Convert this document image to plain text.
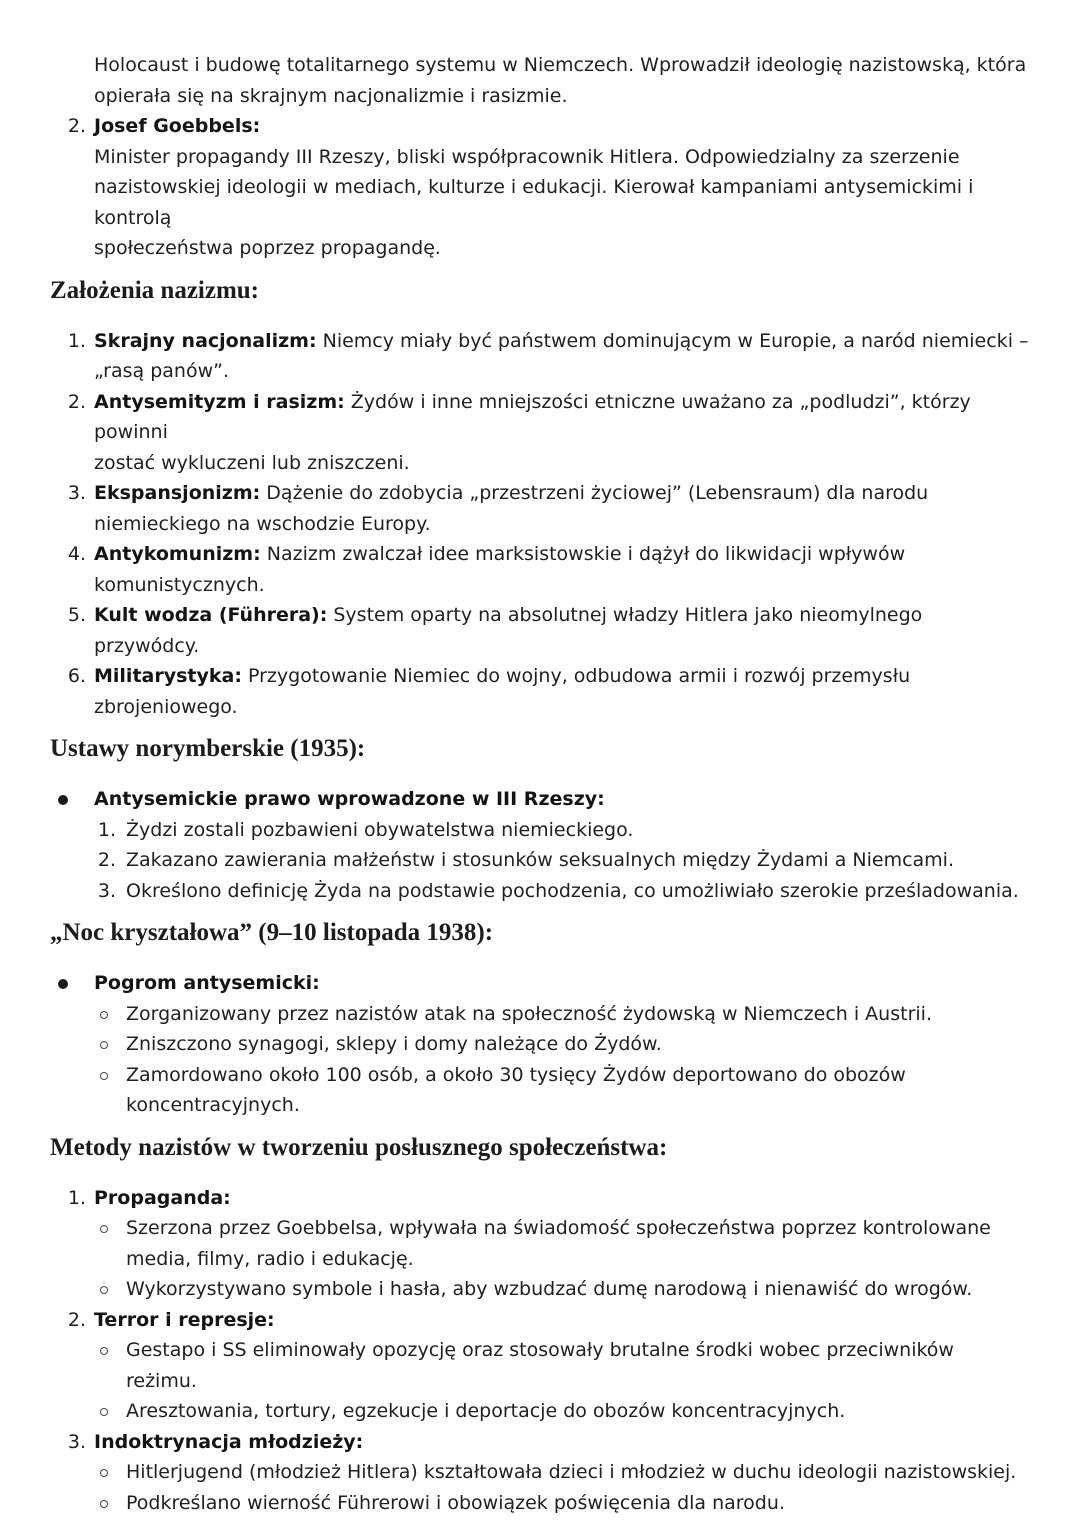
Holocaust i budowę totalitarnego systemu w Niemczech. Wprowadził ideologię nazistowską, która
opierała się na skrajnym nacjonalizmie i rasizmie.
2. Josef Goebbels:
Minister propagandy III Rzeszy, bliski współpracownik Hitlera. Odpowiedzialny za szerzenie
nazistowskiej ideologii w mediach, kulturze i edukacji. Kierował kampaniami antysemickimi i kontrolą
społeczeństwa poprzez propagandę.
Założenia nazizmu:
1. Skrajny nacjonalizm: Niemcy miały być państwem dominującym w Europie, a naród niemiecki –
„rasą panów”.
2. Antysemityzm i rasizm: Żydów i inne mniejszości etniczne uważano za „podludzi”, którzy powinni
zostać wykluczeni lub zniszczeni.
3. Ekspansjonizm: Dążenie do zdobycia „przestrzeni życiowej” (Lebensraum) dla narodu
niemieckiego na wschodzie Europy.
4. Antykomunizm: Nazizm zwalczał idee marksistowskie i dążył do likwidacji wpływów
komunistycznych.
5. Kult wodza (Führera): System oparty na absolutnej władzy Hitlera jako nieomylnego przywódcy.
6. Militarystyka: Przygotowanie Niemiec do wojny, odbudowa armii i rozwój przemysłu
zbrojeniowego.
Ustawy norymberskie (1935):
Antysemickie prawo wprowadzone w III Rzeszy:
1. Żydzi zostali pozbawieni obywatelstwa niemieckiego.
2. Zakazano zawierania małżeństw i stosunków seksualnych między Żydami a Niemcami.
3. Określono definicję Żyda na podstawie pochodzenia, co umożliwiało szerokie prześladowania.
„Noc kryształowa” (9–10 listopada 1938):
Pogrom antysemicki:
Zorganizowany przez nazistów atak na społeczność żydowską w Niemczech i Austrii.
Zniszczono synagogi, sklepy i domy należące do Żydów.
Zamordowano około 100 osób, a około 30 tysięcy Żydów deportowano do obozów
koncentracyjnych.
Metody nazistów w tworzeniu posłusznego społeczeństwa:
1. Propaganda:
Szerzona przez Goebbelsa, wpływała na świadomość społeczeństwa poprzez kontrolowane
media, filmy, radio i edukację.
Wykorzystywano symbole i hasła, aby wzbudzać dumę narodową i nienawiść do wrogów.
2. Terror i represje:
Gestapo i SS eliminowały opozycję oraz stosowały brutalne środki wobec przeciwników reżimu.
Aresztowania, tortury, egzekucje i deportacje do obozów koncentracyjnych.
3. Indoktrynacja młodzieży:
Hitlerjugend (młodzież Hitlera) kształtowała dzieci i młodzież w duchu ideologii nazistowskiej.
Podkreślano wierność Führerowi i obowiązek poświęcenia dla narodu.
